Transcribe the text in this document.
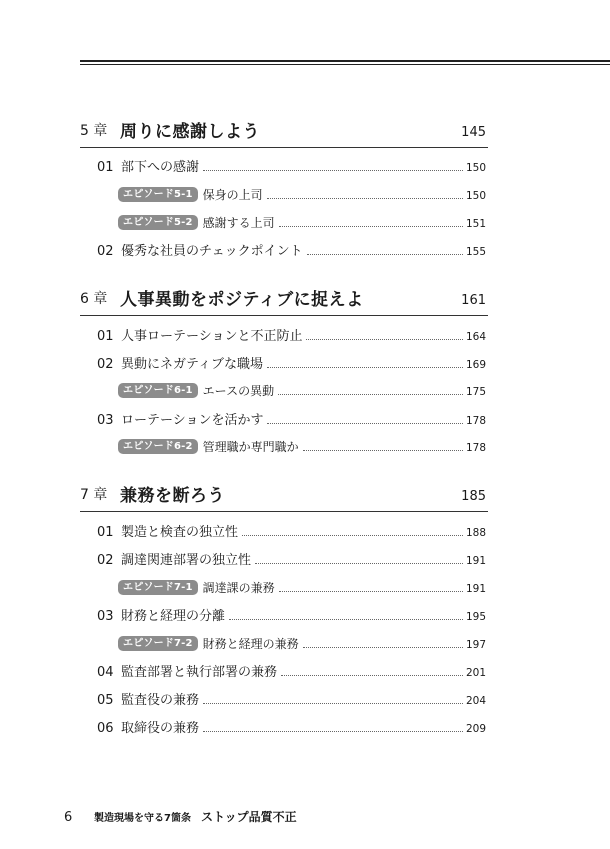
5 章 周りに感謝しよう	145
01 部下への感謝	150
エピソード5-1 保身の上司	150
エピソード5-2 感謝する上司	151
02 優秀な社員のチェックポイント	155
6 章 人事異動をポジティブに捉えよ	161
01 人事ローテーションと不正防止	164
02 異動にネガティブな職場	169
エピソード6-1 エースの異動	175
03 ローテーションを活かす	178
エピソード6-2 管理職か専門職か	178
7 章 兼務を断ろう	185
01 製造と検査の独立性	188
02 調達関連部署の独立性	191
エピソード7-1 調達課の兼務	191
03 財務と経理の分離	195
エピソード7-2 財務と経理の兼務	197
04 監査部署と執行部署の兼務	201
05 監査役の兼務	204
06 取締役の兼務	209
6	製造現場を守る7箇条 ストップ品質不正
